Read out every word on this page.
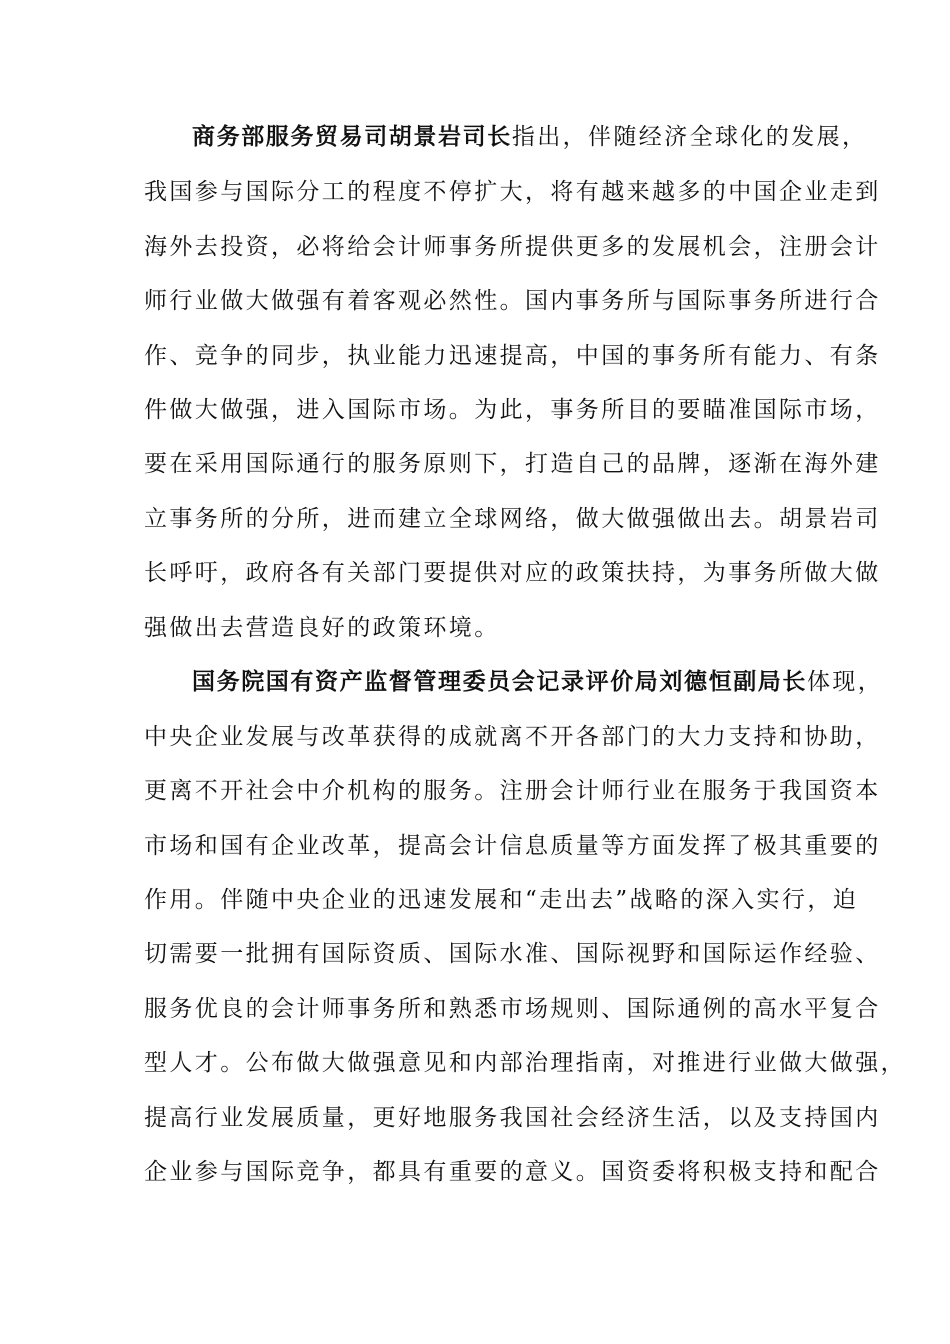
商务部服务贸易司胡景岩司长指出，伴随经济全球化的发展，
我国参与国际分工的程度不停扩大，将有越来越多的中国企业走到
海外去投资，必将给会计师事务所提供更多的发展机会，注册会计
师行业做大做强有着客观必然性。国内事务所与国际事务所进行合
作、竞争的同步，执业能力迅速提高，中国的事务所有能力、有条
件做大做强，进入国际市场。为此，事务所目的要瞄准国际市场，
要在采用国际通行的服务原则下，打造自己的品牌，逐渐在海外建
立事务所的分所，进而建立全球网络，做大做强做出去。胡景岩司
长呼吁，政府各有关部门要提供对应的政策扶持，为事务所做大做
强做出去营造良好的政策环境。
国务院国有资产监督管理委员会记录评价局刘德恒副局长体现，
中央企业发展与改革获得的成就离不开各部门的大力支持和协助，
更离不开社会中介机构的服务。注册会计师行业在服务于我国资本
市场和国有企业改革，提高会计信息质量等方面发挥了极其重要的
作用。伴随中央企业的迅速发展和“走出去”战略的深入实行，迫
切需要一批拥有国际资质、国际水准、国际视野和国际运作经验、
服务优良的会计师事务所和熟悉市场规则、国际通例的高水平复合
型人才。公布做大做强意见和内部治理指南，对推进行业做大做强，
提高行业发展质量，更好地服务我国社会经济生活，以及支持国内
企业参与国际竞争，都具有重要的意义。国资委将积极支持和配合
